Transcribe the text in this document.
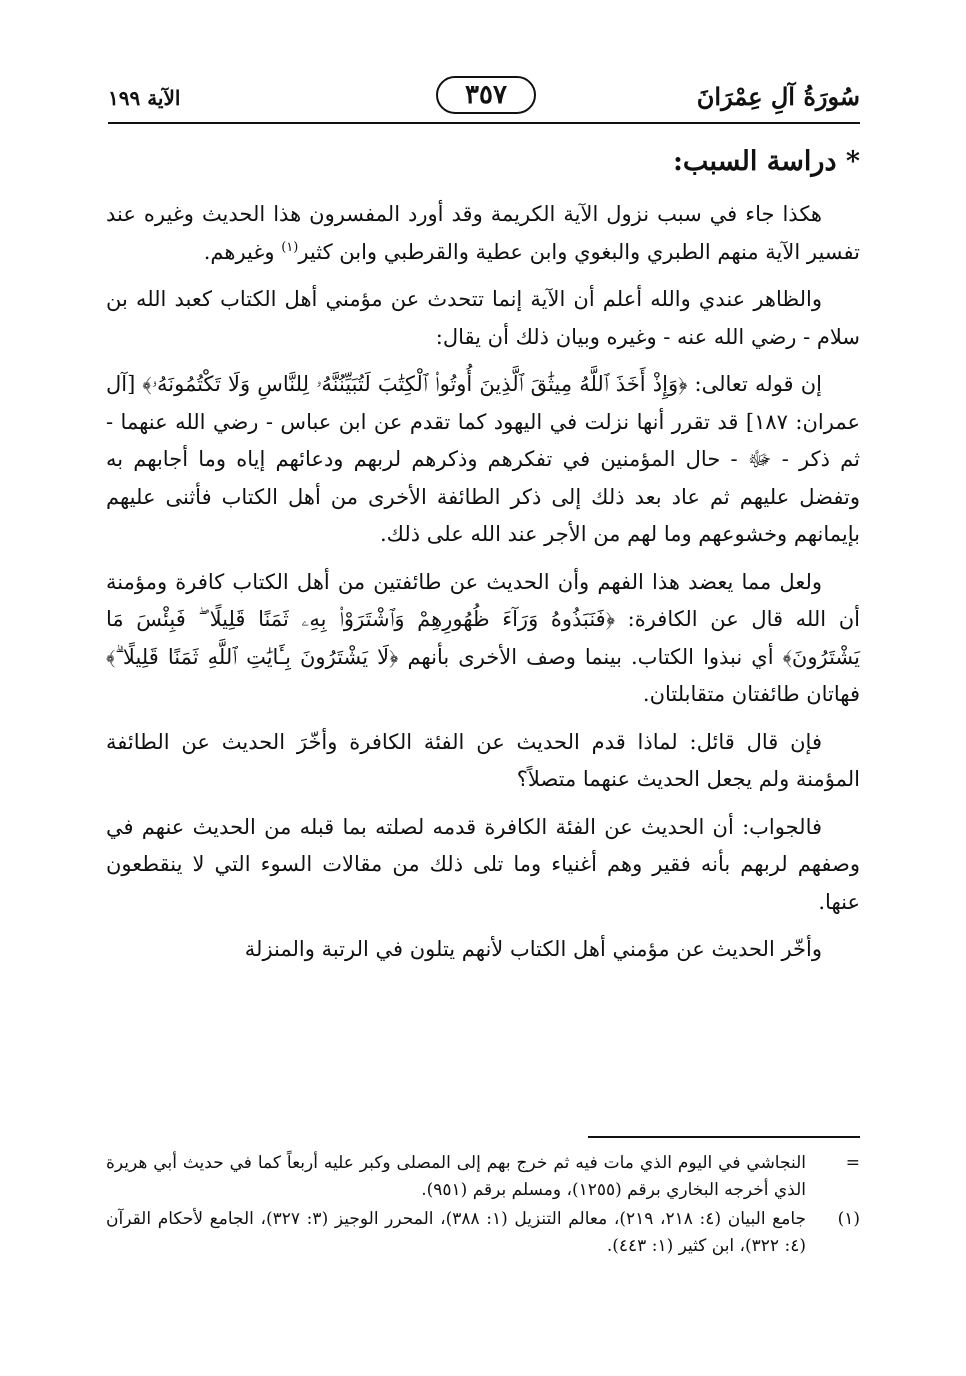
سُورَةُ آلِ عِمْرَانَ
٣٥٧
الآية ١٩٩
* دراسة السبب:

هكذا جاء في سبب نزول الآية الكريمة وقد أورد المفسرون هذا الحديث وغيره عند تفسير الآية منهم الطبري والبغوي وابن عطية والقرطبي وابن كثير$^{(١)}$ وغيرهم.

والظاهر عندي والله أعلم أن الآية إنما تتحدث عن مؤمني أهل الكتاب كعبد الله بن سلام - رضي الله عنه - وغيره وبيان ذلك أن يقال:

إن قوله تعالى: ﴿وَإِذْ أَخَذَ ٱللَّهُ مِيثَٰقَ ٱلَّذِينَ أُوتُوا۟ ٱلْكِتَٰبَ لَتُبَيِّنُنَّهُۥ لِلنَّاسِ وَلَا تَكْتُمُونَهُۥ﴾ [آل عمران: ١٨٧] قد تقرر أنها نزلت في اليهود كما تقدم عن ابن عباس - رضي الله عنهما - ثم ذكر - ﷻ - حال المؤمنين في تفكرهم وذكرهم لربهم ودعائهم إياه وما أجابهم به وتفضل عليهم ثم عاد بعد ذلك إلى ذكر الطائفة الأخرى من أهل الكتاب فأثنى عليهم بإيمانهم وخشوعهم وما لهم من الأجر عند الله على ذلك.

ولعل مما يعضد هذا الفهم وأن الحديث عن طائفتين من أهل الكتاب كافرة ومؤمنة أن الله قال عن الكافرة: ﴿فَنَبَذُوهُ وَرَآءَ ظُهُورِهِمْ وَٱشْتَرَوْا۟ بِهِۦ ثَمَنًا قَلِيلًا ۖ فَبِئْسَ مَا يَشْتَرُونَ﴾ أي نبذوا الكتاب. بينما وصف الأخرى بأنهم ﴿لَا يَشْتَرُونَ بِـَٔايَٰتِ ٱللَّهِ ثَمَنًا قَلِيلًا ۗ﴾ فهاتان طائفتان متقابلتان.

فإن قال قائل: لماذا قدم الحديث عن الفئة الكافرة وأخّرَ الحديث عن الطائفة المؤمنة ولم يجعل الحديث عنهما متصلاً؟

فالجواب: أن الحديث عن الفئة الكافرة قدمه لصلته بما قبله من الحديث عنهم في وصفهم لربهم بأنه فقير وهم أغنياء وما تلى ذلك من مقالات السوء التي لا ينقطعون عنها.

وأخّر الحديث عن مؤمني أهل الكتاب لأنهم يتلون في الرتبة والمنزلة

=
النجاشي في اليوم الذي مات فيه ثم خرج بهم إلى المصلى وكبر عليه أربعاً كما في حديث أبي هريرة الذي أخرجه البخاري برقم (١٢٥٥)، ومسلم برقم (٩٥١).
(١)
جامع البيان (٤: ٢١٨، ٢١٩)، معالم التنزيل (١: ٣٨٨)، المحرر الوجيز (٣: ٣٢٧)، الجامع لأحكام القرآن (٤: ٣٢٢)، ابن كثير (١: ٤٤٣).
